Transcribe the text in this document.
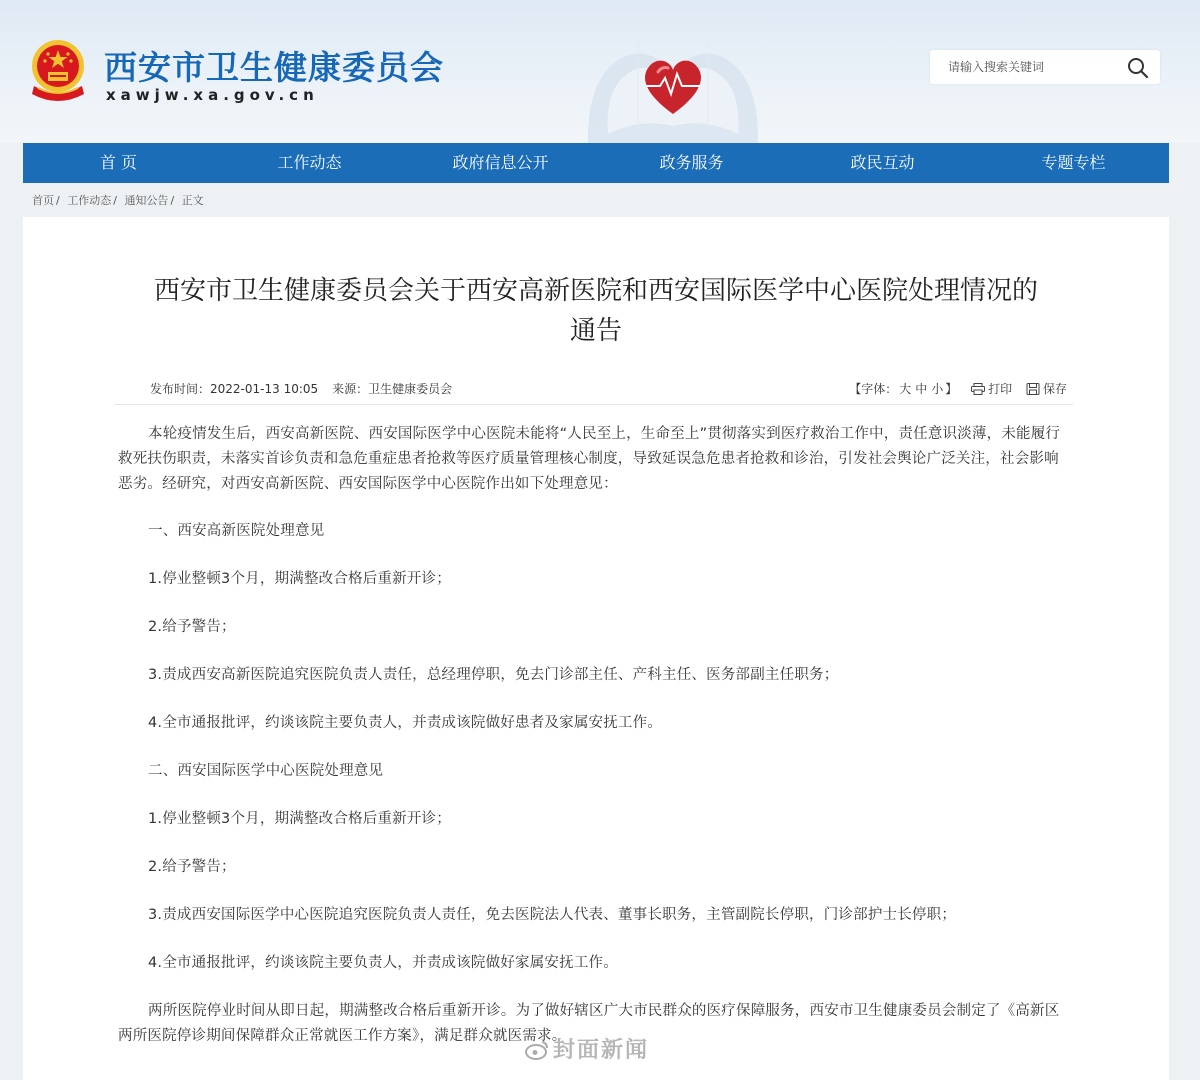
西安市卫生健康委员会
xawjw.xa.gov.cn
请输入搜索关键词
首 页	工作动态	政府信息公开	政务服务	政民互动	专题专栏
首页 / 工作动态 / 通知公告 / 正文
西安市卫生健康委员会关于西安高新医院和西安国际医学中心医院处理情况的
通告
发布时间：2022-01-13 10:05 来源：卫生健康委员会	【字体： 大 中 小 】	打印	保存

本轮疫情发生后，西安高新医院、西安国际医学中心医院未能将“人民至上，生命至上”贯彻落实到医疗救治工作中，责任意识淡薄，未能履行救死扶伤职责，未落实首诊负责和急危重症患者抢救等医疗质量管理核心制度，导致延误急危患者抢救和诊治，引发社会舆论广泛关注，社会影响恶劣。经研究，对西安高新医院、西安国际医学中心医院作出如下处理意见：

一、西安高新医院处理意见

1.停业整顿3个月，期满整改合格后重新开诊；

2.给予警告；

3.责成西安高新医院追究医院负责人责任，总经理停职，免去门诊部主任、产科主任、医务部副主任职务；

4.全市通报批评，约谈该院主要负责人，并责成该院做好患者及家属安抚工作。

二、西安国际医学中心医院处理意见

1.停业整顿3个月，期满整改合格后重新开诊；

2.给予警告；

3.责成西安国际医学中心医院追究医院负责人责任，免去医院法人代表、董事长职务，主管副院长停职，门诊部护士长停职；

4.全市通报批评，约谈该院主要负责人，并责成该院做好家属安抚工作。

两所医院停业时间从即日起，期满整改合格后重新开诊。为了做好辖区广大市民群众的医疗保障服务，西安市卫生健康委员会制定了《高新区两所医院停诊期间保障群众正常就医工作方案》，满足群众就医需求。

封面新闻
